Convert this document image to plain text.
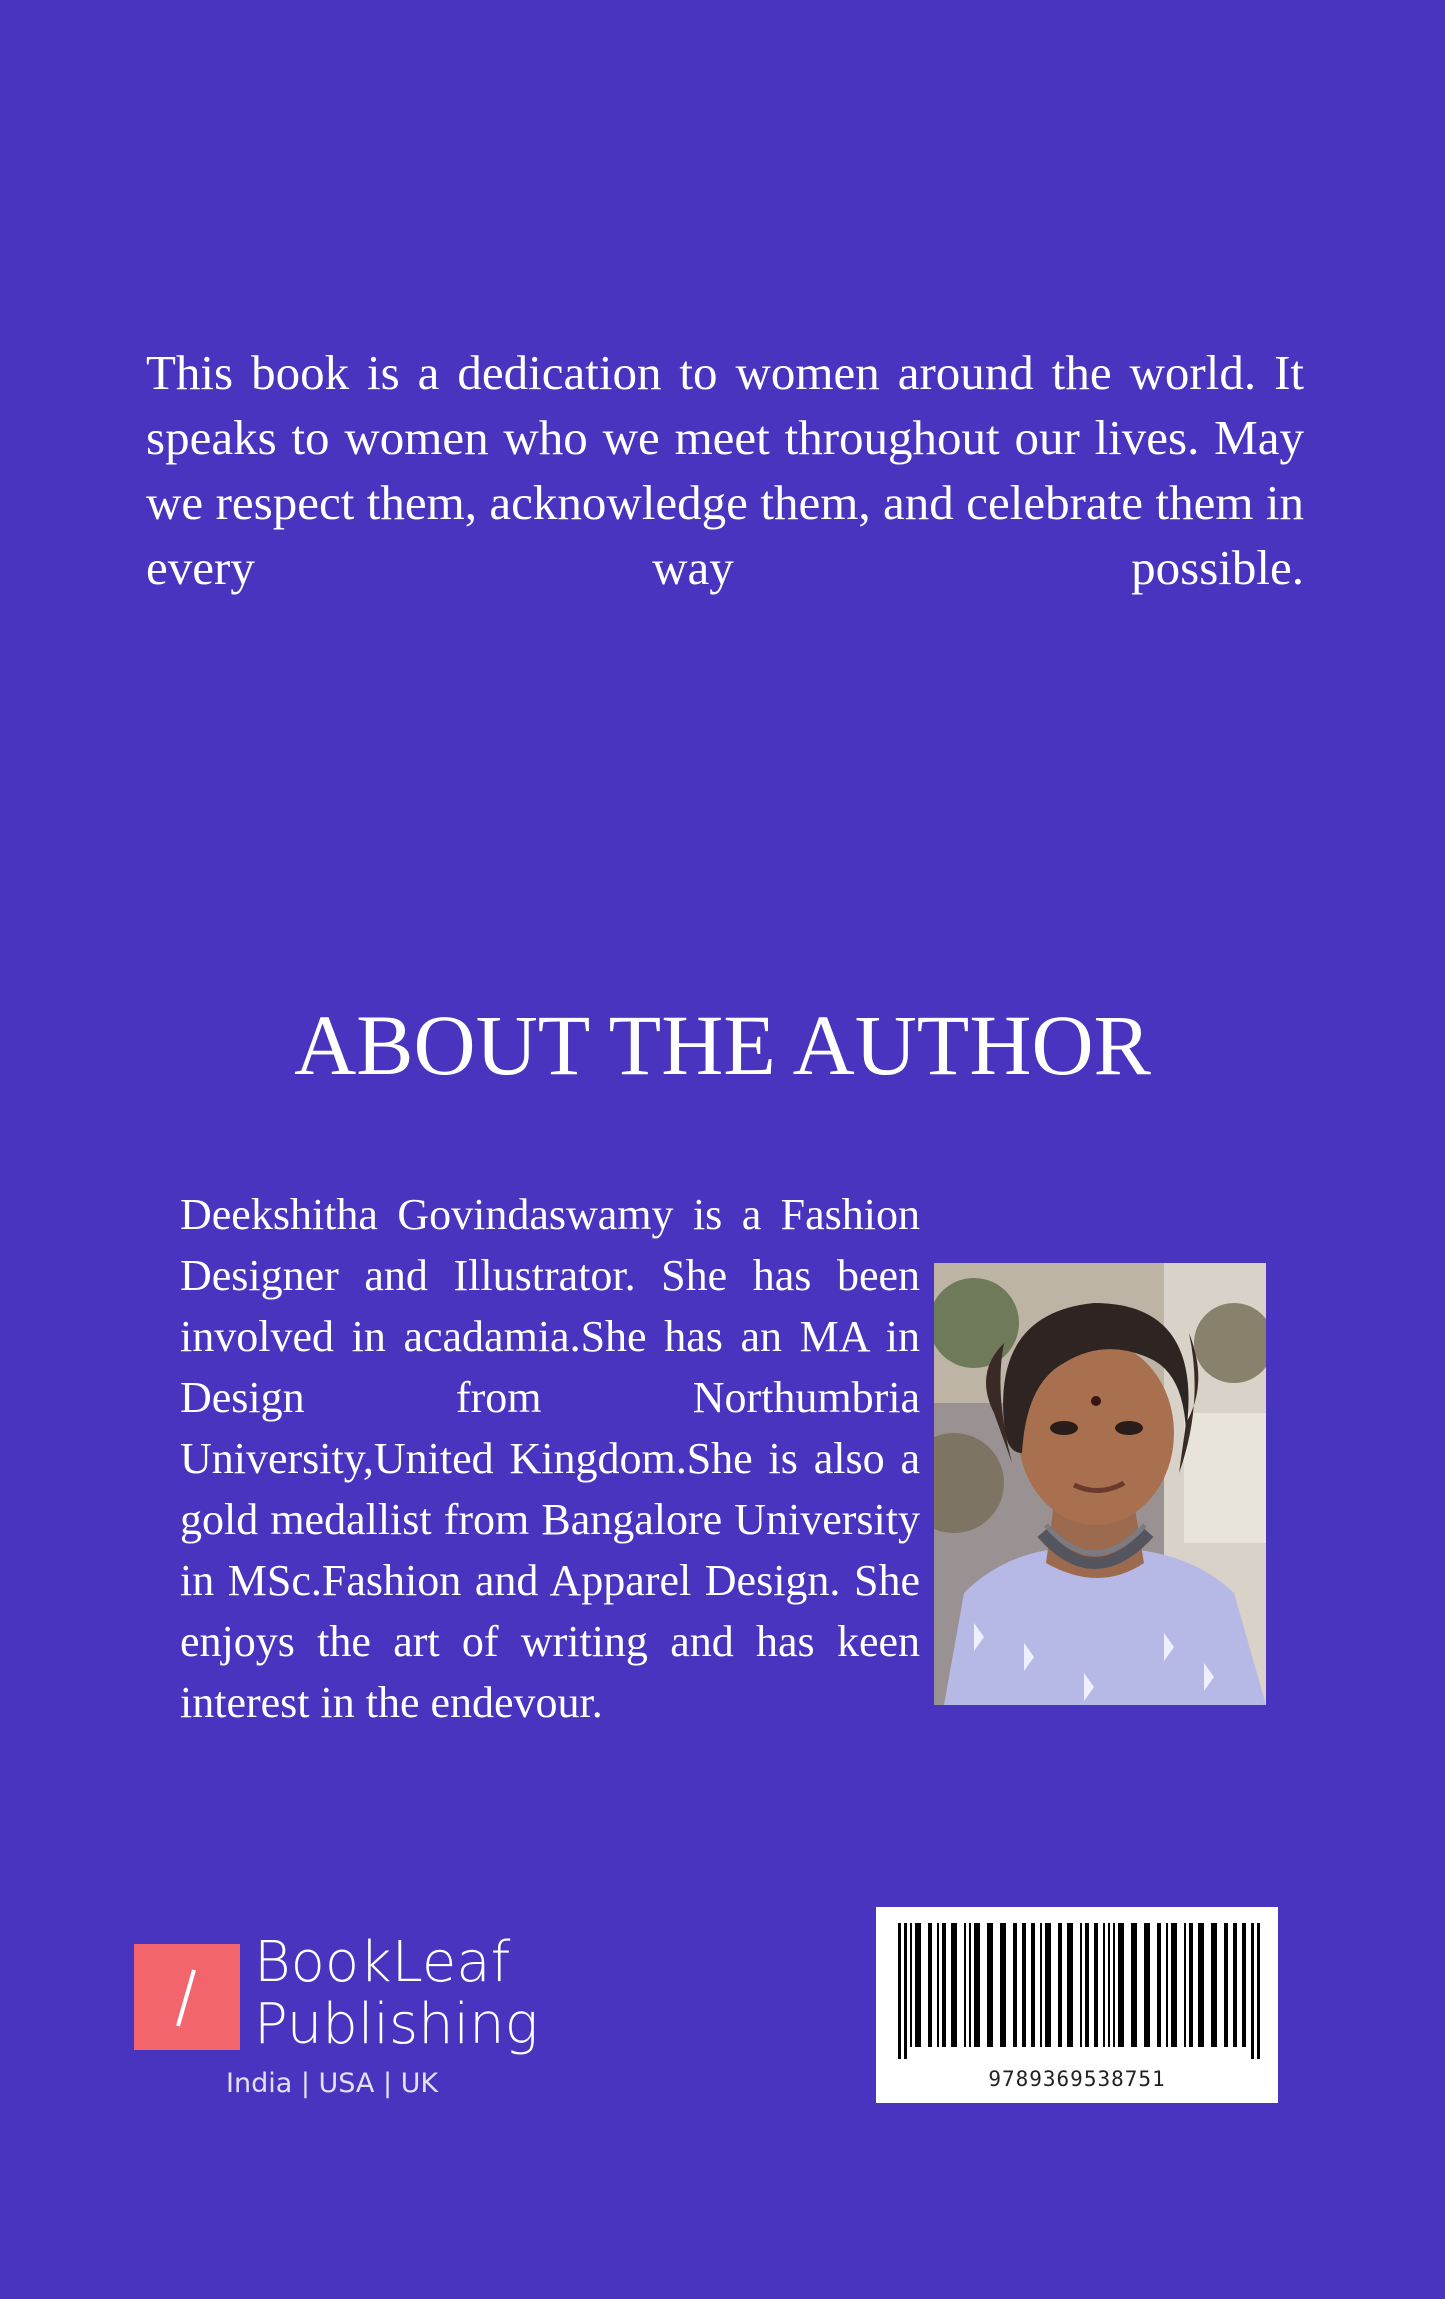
This book is a dedication to women around the world. It speaks to women who we meet throughout our lives. May we respect them, acknowledge them, and celebrate them in every way possible.
ABOUT THE AUTHOR
Deekshitha Govindaswamy is a Fashion Designer and Illustrator. She has been involved in acadamia.She has an MA in Design from Northumbria University,United Kingdom.She is also a gold medallist from Bangalore University in MSc.Fashion and Apparel Design. She enjoys the art of writing and has keen interest in the endevour.
BookLeaf
Publishing
India | USA | UK	9789369538751
